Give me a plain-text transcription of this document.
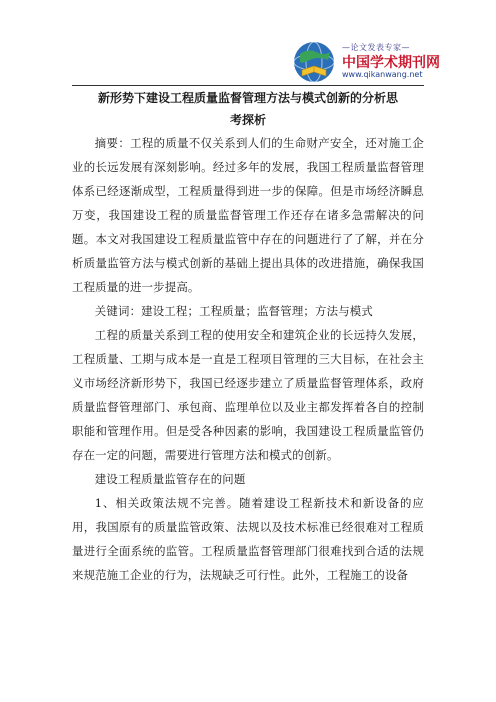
—论文发表专家—
中国学术期刊网
www.qikanwang.net
新形势下建设工程质量监督管理方法与模式创新的分析思
考探析

摘要：工程的质量不仅关系到人们的生命财产安全，还对施工企业的长远发展有深刻影响。经过多年的发展，我国工程质量监督管理体系已经逐渐成型，工程质量得到进一步的保障。但是市场经济瞬息万变，我国建设工程的质量监督管理工作还存在诸多急需解决的问题。本文对我国建设工程质量监管中存在的问题进行了了解，并在分析质量监管方法与模式创新的基础上提出具体的改进措施，确保我国工程质量的进一步提高。

关键词：建设工程；工程质量；监督管理；方法与模式

工程的质量关系到工程的使用安全和建筑企业的长远持久发展，工程质量、工期与成本是一直是工程项目管理的三大目标，在社会主义市场经济新形势下，我国已经逐步建立了质量监督管理体系，政府质量监督管理部门、承包商、监理单位以及业主都发挥着各自的控制职能和管理作用。但是受各种因素的影响，我国建设工程质量监管仍存在一定的问题，需要进行管理方法和模式的创新。

建设工程质量监管存在的问题

1、相关政策法规不完善。随着建设工程新技术和新设备的应用，我国原有的质量监管政策、法规以及技术标准已经很难对工程质量进行全面系统的监管。工程质量监督管理部门很难找到合适的法规来规范施工企业的行为，法规缺乏可行性。此外，工程施工的设备
